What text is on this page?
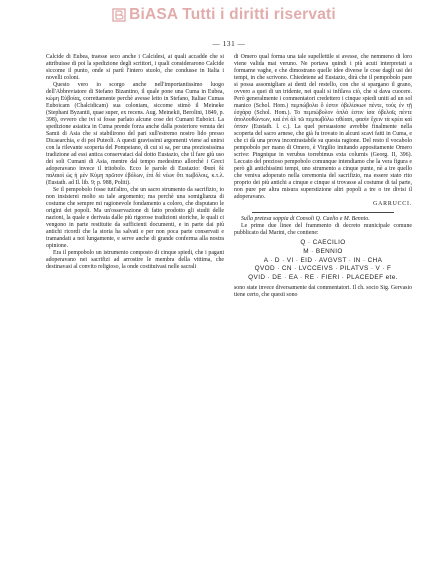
BiASA Tutti i diritti riservati
— 131 —

Calcide di Eubea, traesse seco anche i Calcidesi, ai quali accadde che si attribuisse di poi la spedizione degli scrittori, i quali considerarono Calcide siccome il punto, onde si partì l'intero stuolo, che condusse in Italia i novelli coloni.

Questo vero io scorgo anche nell'importantissimo luogo dell'Abbreviatore di Stefano Bizantino, il quale pone una Cuma in Eubea, κώμη Εὐβοίας, correttamente perchè avesse letto in Stefano, Italiae Cumas Euboicam (Chalcidicam) sua coloniam, siccome stimò il Meineke (Stephani Byzantii, quae super, ex recens. Aug. Meinekii, Berolini, 1849, p. 398), ovvero che ivi si fosse parlato alcune cose dei Cumani Euboici. La spedizione asiatica in Cuma prende forza anche dalla posteriore venuta dei Samii di Asia che si stabilirono del pari sull'estremo nostro lido presso Dicaearchia, e di poi Puteoli. A questi gravissimi argomenti viene ad unirsi con la rilevante scoperta del Pompeiano, di cui si sa, per una preziosissima tradizione ad essi antica conservataci dal dotto Eustazio, che il fare giù uso dei soli Cumani di Asia, mentre dal tempo medesimo allorchè i Greci adoperavano invece il tritobolo. Ecco le parole di Eustazio: Φασὶ δὲ παλαιοὶ ὡς ἡ μὲν Κύμη πρῶτον ἐβόλων, ἐπὶ δὲ νέων ὅτι πωβόλοις, κ.τ.λ. (Eustath. ad Il. lib. 9; p. 988, Politi).

Se il pempobolo fosse tutt'altro, che un sacro strumento da sacrifizio, io non insisterei molto su tale argomento; ma perchè una somiglianza di costume che sempre mi ragionevole fondamento a coloro, che disputano le origini dei popoli. Ma un'osservazione di fatto prodotto gli studii delle nazioni, la quale e derivata dalle più rigorose tradizioni storiche, le quali ci vengono in parte restituite da sufficienti documenti, e in parte dai più antichi ricordi che la storia ha salvati e per non poca parte conservati e tramandati a noi lungamente, e serve anche di grande conferma alla nostra opinione.

Era il pempobolo un istrumento composto di cinque spiedi, che i pagani adoperavano nei sacrifizi ad arrostire le membra della vittima, che destinavasi al convito religioso, la onde costituivasi nelle sacrali

di Omero qual forma una tale supellettile si avesse, che nemmeno di loro viene valida mai veruno. Ne portava quindi i più acuti interpretati a formarne vaghe, e che dimostrano quelle idee diverse le cose dagli usi dei tempi, in che scrivono. Chiedetene ad Eustazio, dirà che il pempobolo pare si possa assomigliare ai denti del restello, con che si spargano il grano, ovvero a quei di un tridente, nei quali si infilava ciò, che si dava cuocere. Però generalmente i commentatori credettero i cinque spiedi uniti ad un sol manico (Schol. Hom.) πεμπώβολα ὅ ἐστιν ὀβελίσκων πέντε, τοὺς ἐν τῇ ἐσχάρᾳ (Schol. Hom.). Το πεμπώβολον ὁπλὰ ἐστιν ἰσα ὀβελοῖς πέντε ἀπολουθώντων, καὶ ἐνὶ ἀλ τῶ πεμπωβόλω τιθέασι, φασὶν ἔχειν τὰ κρέα καὶ ὀπταν (Eustath. l. c.). La quel persuasione avrebbe finalmente nella scoperta del sacro arnese, che già fu trovato in alcuni scavi fatti in Cuma, e che ci dà una prova incontrastabile su questa ragione. Del resto il vocabolo pempobolo per mano di Omero, è Virgilio imitando appositamente Omero scrive: Pingnique in verubus torrebimus exta colurnis (Georg. II, 396). Leccato del prezioso pempobolo comunque intendiamo che la vera figura e però gli antichissimi tempi, uno strumento a cinque punte, nè a tre quello che veniva adoperato nella ceremonia del sacrifizio, ma essere stato rito proprio dei più antichi a cinque e cinque si trovasse al costume di tal parte, non pure per altra misura superstizione altri popoli a tre o tre divisi il adoperavano.

GARRUCCI.

Sulla pretesa soppia di Consoli Q. Caelio e M. Bennio.

Le prime due linee del frammento di decreto municipale comune pubblicato dal Marini, che contiene:

Q · CAECILIO
M · BENNIO
A · D · VI · EID · AVGVST · IN · CHA
QVOD · CN · LVCCEIVS · PILATVS · V · F
QVID · DE · EA · RE · FIERI · PLACEDEF ete.

sono state invece diversamente dai commentatori. Il ch. socio Sig. Gervasio tiene certo, che questi sono
